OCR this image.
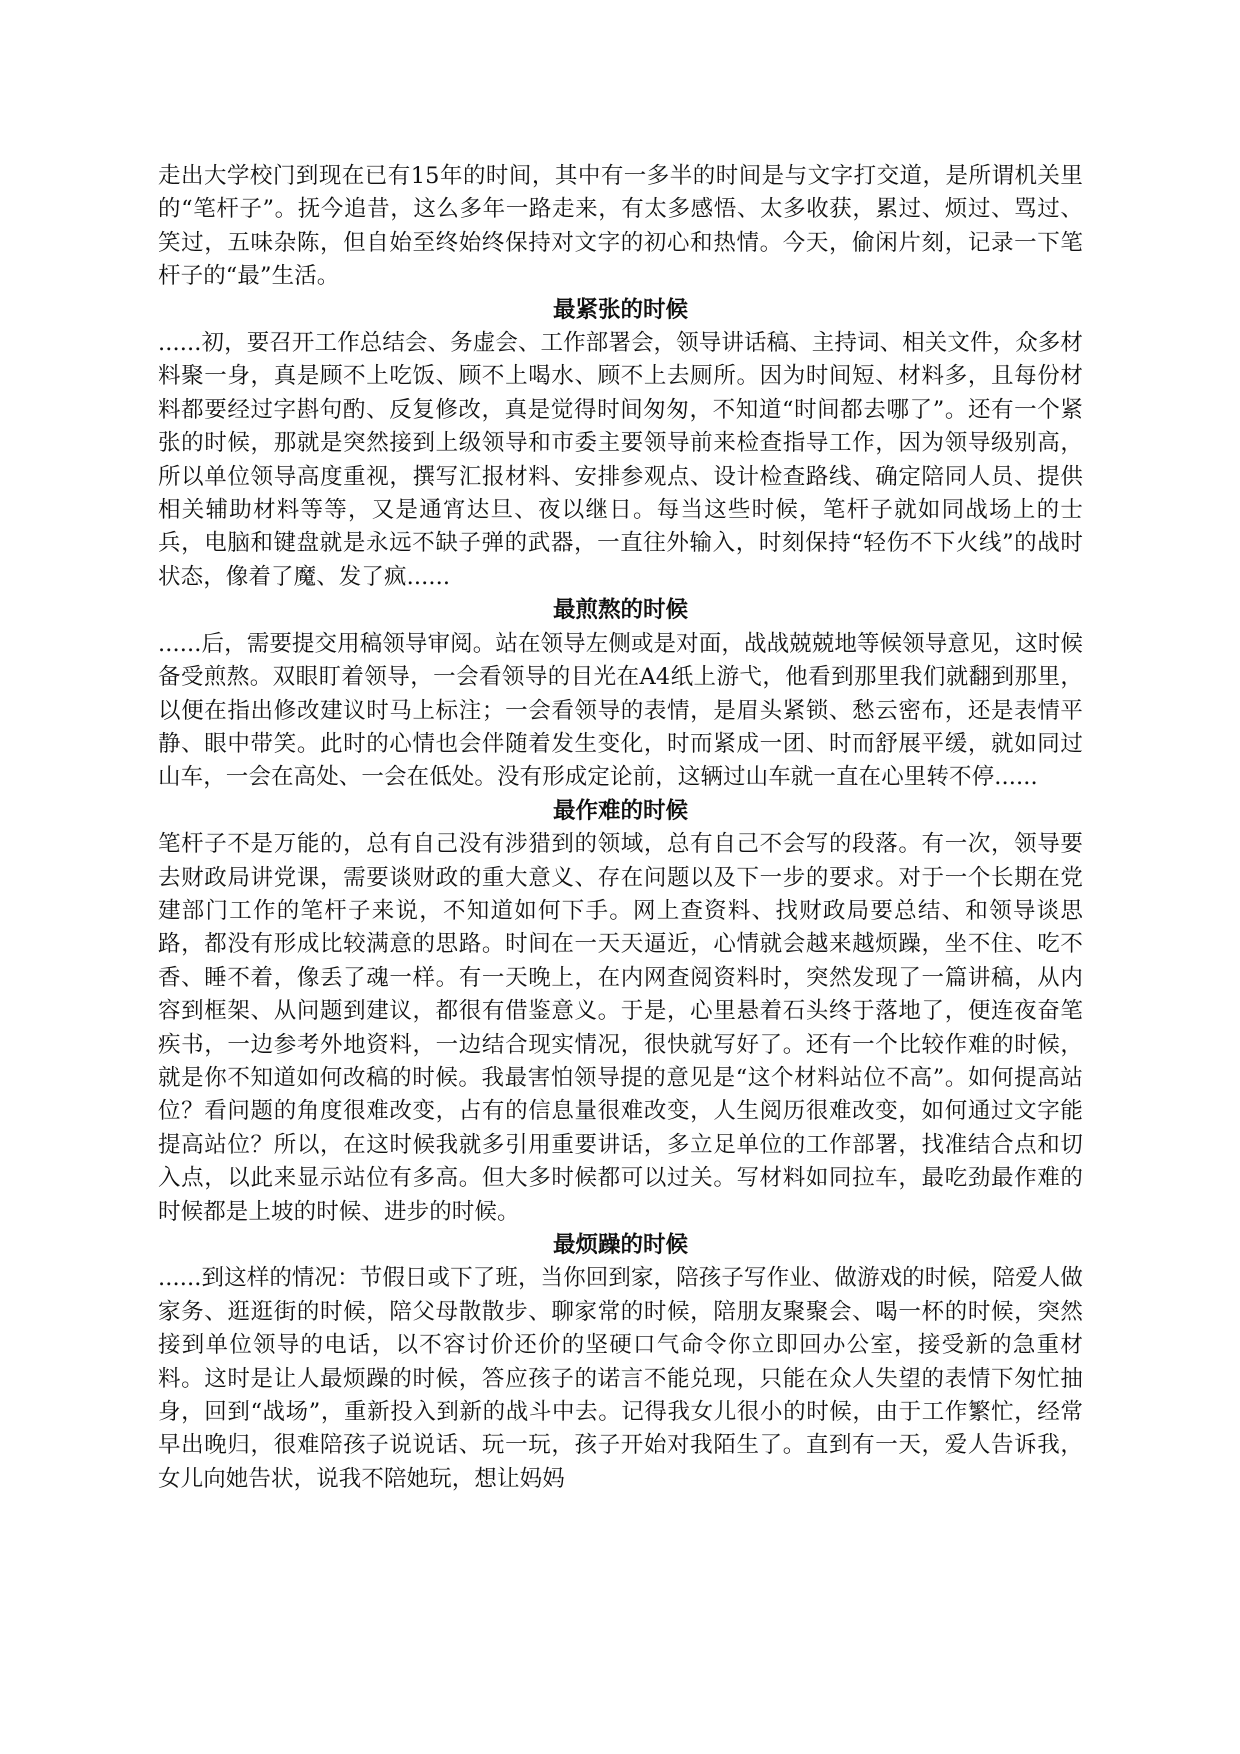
走出大学校门到现在已有15年的时间，其中有一多半的时间是与文字打交道，是所谓机关里的“笔杆子”。抚今追昔，这么多年一路走来，有太多感悟、太多收获，累过、烦过、骂过、笑过，五味杂陈，但自始至终始终保持对文字的初心和热情。今天，偷闲片刻，记录一下笔杆子的“最”生活。

最紧张的时候

......初，要召开工作总结会、务虚会、工作部署会，领导讲话稿、主持词、相关文件，众多材料聚一身，真是顾不上吃饭、顾不上喝水、顾不上去厕所。因为时间短、材料多，且每份材料都要经过字斟句酌、反复修改，真是觉得时间匆匆，不知道“时间都去哪了”。还有一个紧张的时候，那就是突然接到上级领导和市委主要领导前来检查指导工作，因为领导级别高，所以单位领导高度重视，撰写汇报材料、安排参观点、设计检查路线、确定陪同人员、提供相关辅助材料等等，又是通宵达旦、夜以继日。每当这些时候，笔杆子就如同战场上的士兵，电脑和键盘就是永远不缺子弹的武器，一直往外输入，时刻保持“轻伤不下火线”的战时状态，像着了魔、发了疯......

最煎熬的时候

......后，需要提交用稿领导审阅。站在领导左侧或是对面，战战兢兢地等候领导意见，这时候备受煎熬。双眼盯着领导，一会看领导的目光在A4纸上游弋，他看到那里我们就翻到那里，以便在指出修改建议时马上标注；一会看领导的表情，是眉头紧锁、愁云密布，还是表情平静、眼中带笑。此时的心情也会伴随着发生变化，时而紧成一团、时而舒展平缓，就如同过山车，一会在高处、一会在低处。没有形成定论前，这辆过山车就一直在心里转不停......

最作难的时候

笔杆子不是万能的，总有自己没有涉猎到的领域，总有自己不会写的段落。有一次，领导要去财政局讲党课，需要谈财政的重大意义、存在问题以及下一步的要求。对于一个长期在党建部门工作的笔杆子来说，不知道如何下手。网上查资料、找财政局要总结、和领导谈思路，都没有形成比较满意的思路。时间在一天天逼近，心情就会越来越烦躁，坐不住、吃不香、睡不着，像丢了魂一样。有一天晚上，在内网查阅资料时，突然发现了一篇讲稿，从内容到框架、从问题到建议，都很有借鉴意义。于是，心里悬着石头终于落地了，便连夜奋笔疾书，一边参考外地资料，一边结合现实情况，很快就写好了。还有一个比较作难的时候，就是你不知道如何改稿的时候。我最害怕领导提的意见是“这个材料站位不高”。如何提高站位？看问题的角度很难改变，占有的信息量很难改变，人生阅历很难改变，如何通过文字能提高站位？所以，在这时候我就多引用重要讲话，多立足单位的工作部署，找准结合点和切入点，以此来显示站位有多高。但大多时候都可以过关。写材料如同拉车，最吃劲最作难的时候都是上坡的时候、进步的时候。

最烦躁的时候

......到这样的情况：节假日或下了班，当你回到家，陪孩子写作业、做游戏的时候，陪爱人做家务、逛逛街的时候，陪父母散散步、聊家常的时候，陪朋友聚聚会、喝一杯的时候，突然接到单位领导的电话，以不容讨价还价的坚硬口气命令你立即回办公室，接受新的急重材料。这时是让人最烦躁的时候，答应孩子的诺言不能兑现，只能在众人失望的表情下匆忙抽身，回到“战场”，重新投入到新的战斗中去。记得我女儿很小的时候，由于工作繁忙，经常早出晚归，很难陪孩子说说话、玩一玩，孩子开始对我陌生了。直到有一天，爱人告诉我，女儿向她告状，说我不陪她玩，想让妈妈
